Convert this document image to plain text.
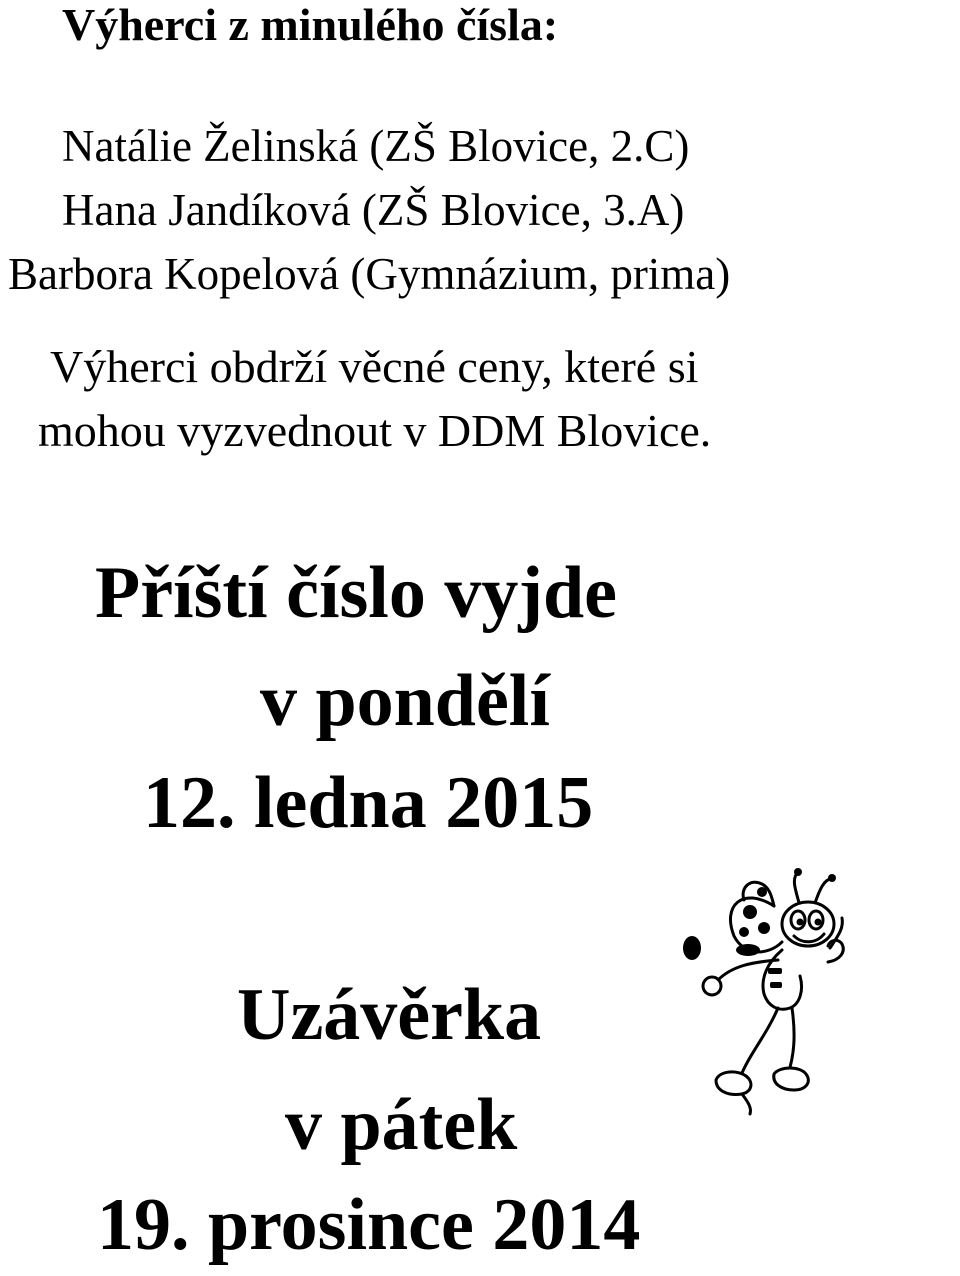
Výherci z minulého čísla:
Natálie Želinská (ZŠ Blovice, 2.C)
Hana Jandíková (ZŠ Blovice, 3.A)
Barbora Kopelová (Gymnázium, prima)
Výherci obdrží věcné ceny, které si
mohou vyzvednout v DDM Blovice.
Příští číslo vyjde
v pondělí
12. ledna 2015
Uzávěrka
v pátek
19. prosince 2014
